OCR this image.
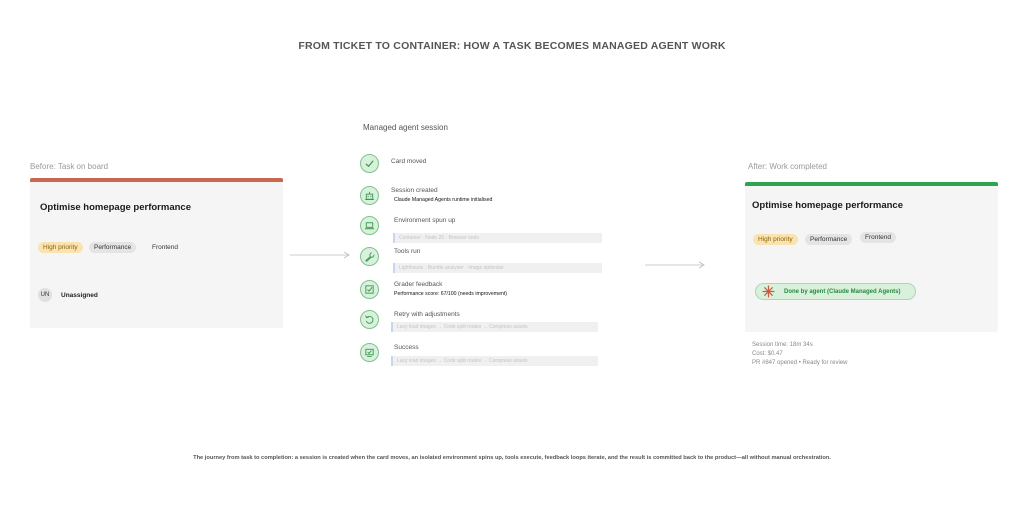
FROM TICKET TO CONTAINER: HOW A TASK BECOMES MANAGED AGENT WORK
Before: Task on board
Optimise homepage performance
High priority	Performance	Frontend
UN	Unassigned
Managed agent session
Card moved
Session created
Claude Managed Agents runtime initialised
Environment spun up
Container · Node 20 · Browser tools
Tools run
Lighthouse · Bundle analyser · Image optimiser
Grader feedback
Performance score: 67/100 (needs improvement)
Retry with adjustments
Lazy load images → Code split routes → Compress assets
Success
Lazy load images → Code split routes → Compress assets
After: Work completed
Optimise homepage performance
High priority	Performance	Frontend
Done by agent (Claude Managed Agents)
Session time: 18m 34s
Cost: $0.47
PR #847 opened • Ready for review
The journey from task to completion: a session is created when the card moves, an isolated environment spins up, tools execute, feedback loops iterate, and the result is committed back to the product—all without manual orchestration.
